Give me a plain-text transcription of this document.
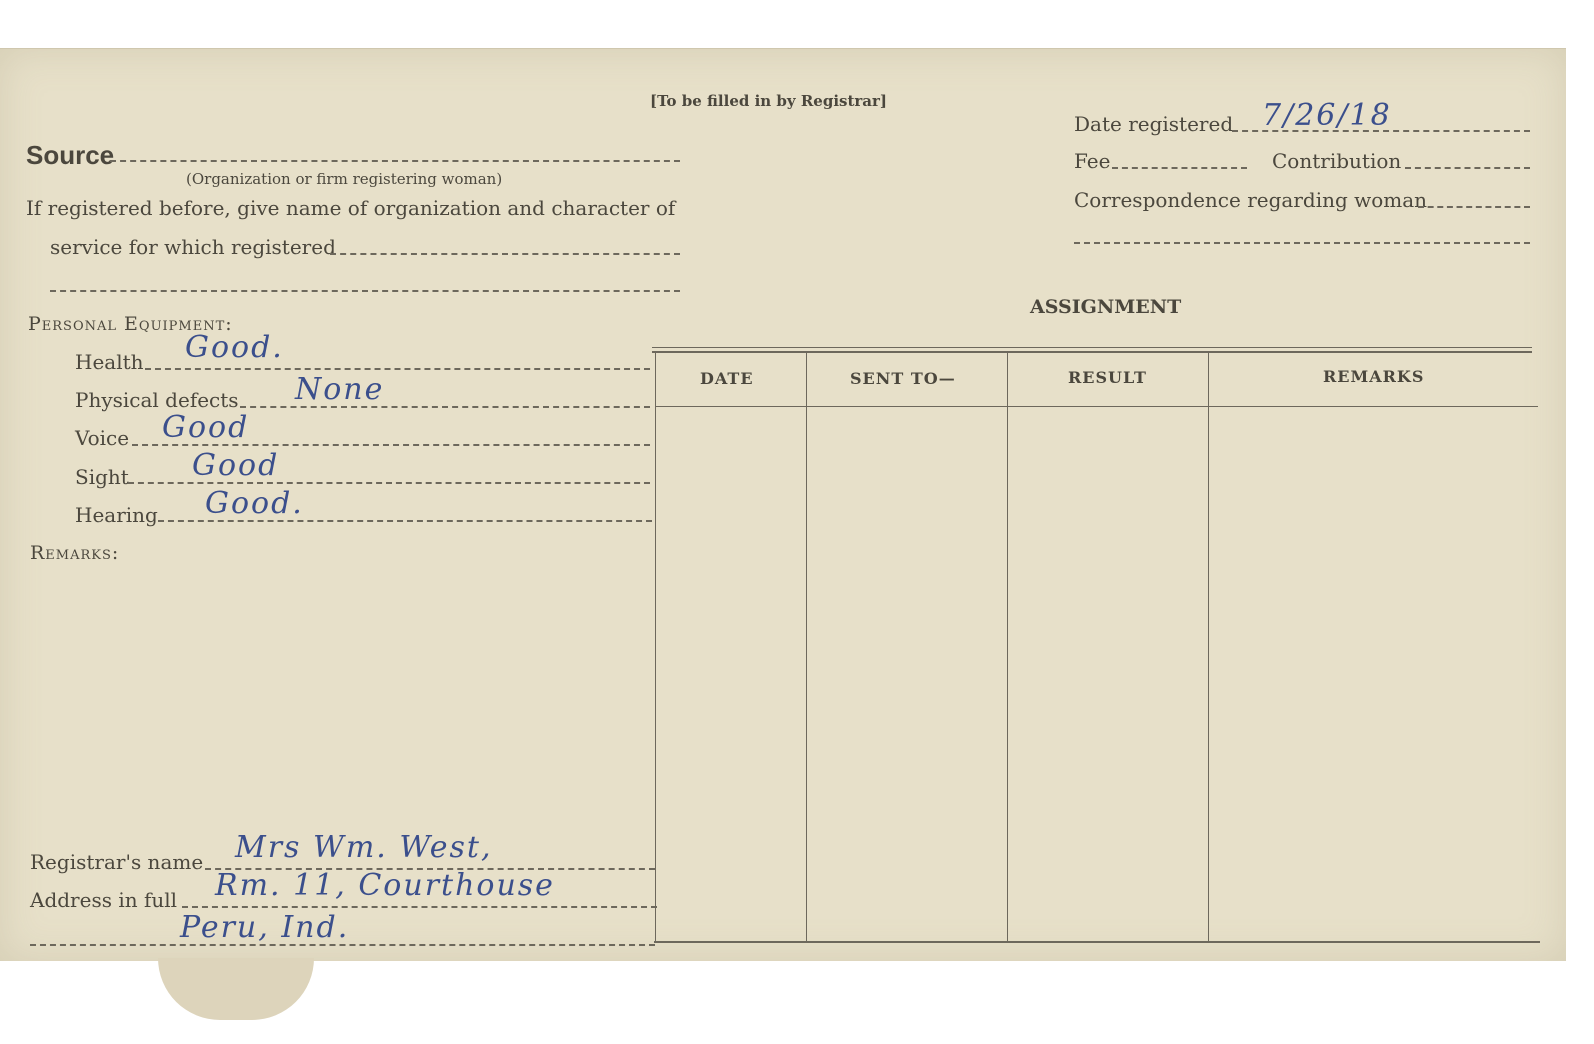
[To be filled in by Registrar]
Source
(Organization or firm registering woman)
If registered before, give name of organization and character of
service for which registered
Personal Equipment:
Health Good.
Physical defects None
Voice Good
Sight Good
Hearing Good.
Remarks:
Registrar's name Mrs Wm. West,
Address in full Rm. 11, Courthouse
Peru, Ind.
Date registered 7/26/18
Fee	Contribution
Correspondence regarding woman
ASSIGNMENT
DATE	SENT TO—	RESULT	REMARKS
